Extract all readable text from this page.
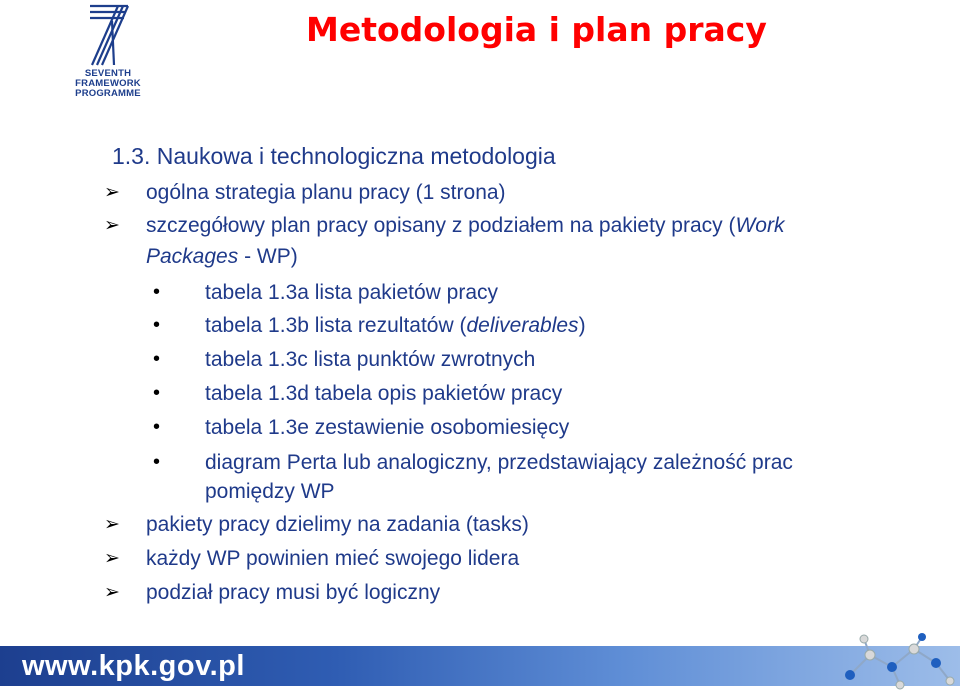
SEVENTH FRAMEWORK
PROGRAMME
Metodologia i plan pracy
1.3. Naukowa i technologiczna metodologia
➢	ogólna strategia planu pracy (1 strona)
➢	szczegółowy plan pracy opisany z podziałem na pakiety pracy (Work
Packages - WP)
• tabela 1.3a lista pakietów pracy
• tabela 1.3b lista rezultatów (deliverables)
• tabela 1.3c lista punktów zwrotnych
• tabela 1.3d tabela opis pakietów pracy
• tabela 1.3e zestawienie osobomiesięcy
• diagram Perta lub analogiczny, przedstawiający zależność prac
pomiędzy WP
➢	pakiety pracy dzielimy na zadania (tasks)
➢	każdy WP powinien mieć swojego lidera
➢	podział pracy musi być logiczny
www.kpk.gov.pl
